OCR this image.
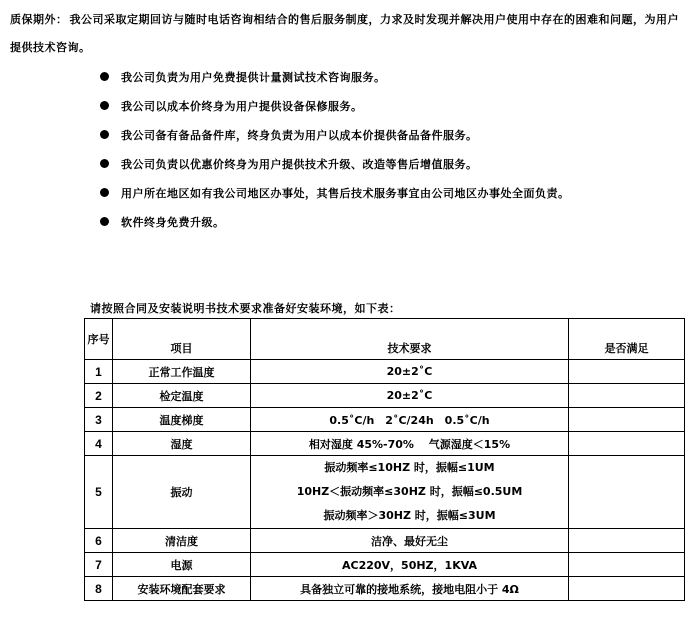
质保期外： 我公司采取定期回访与随时电话咨询相结合的售后服务制度，力求及时发现并解决用户使用中存在的困难和问题，为用户提供技术咨询。
我公司负责为用户免费提供计量测试技术咨询服务。
我公司以成本价终身为用户提供设备保修服务。
我公司备有备品备件库，终身负责为用户以成本价提供备品备件服务。
我公司负责以优惠价终身为用户提供技术升级、改造等售后增值服务。
用户所在地区如有我公司地区办事处，其售后技术服务事宜由公司地区办事处全面负责。
软件终身免费升级。
请按照合同及安装说明书技术要求准备好安装环境，如下表：
序号	项目	技术要求	是否满足
1	正常工作温度	20±2˚C	
2	检定温度	20±2˚C	
3	温度梯度	0.5˚C/h　2˚C/24h　0.5˚C/h	
4	湿度	相对湿度 45%-70%　 气源湿度＜15%	
5	振动	振动频率≤10HZ 时，振幅≤1UM
10HZ＜振动频率≤30HZ 时，振幅≤0.5UM
振动频率＞30HZ 时，振幅≤3UM	

6	清洁度	洁净、最好无尘	
7	电源	AC220V，50HZ，1KVA	
8	安装环境配套要求	具备独立可靠的接地系统，接地电阻小于 4Ω	
